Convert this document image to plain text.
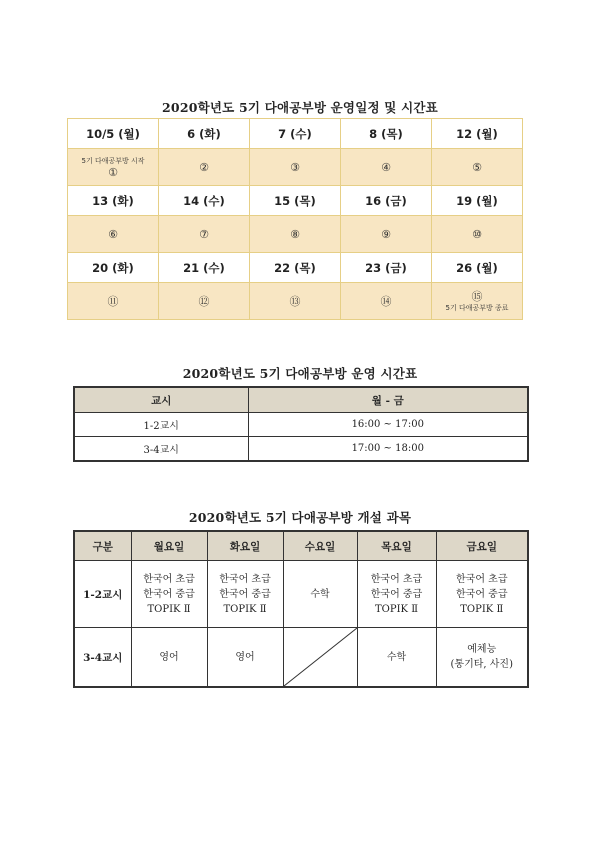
2020학년도 5기 다애공부방 운영일정 및 시간표
10/5 (월)	6 (화)	7 (수)	8 (목)	12 (월)

5기 다애공부방 시작
①	②	③	④	⑤

13 (화)	14 (수)	15 (목)	16 (금)	19 (월)

⑥	⑦	⑧	⑨	⑩

20 (화)	21 (수)	22 (목)	23 (금)	26 (월)

⑪	⑫	⑬	⑭	⑮
5기 다애공부방 종료
2020학년도 5기 다애공부방 운영 시간표
교시	월 - 금
1-2교시	16:00 ~ 17:00
3-4교시	17:00 ~ 18:00
2020학년도 5기 다애공부방 개설 과목
구분	월요일	화요일	수요일	목요일	금요일
1-2교시	한국어 초급
한국어 중급
TOPIK Ⅱ	한국어 초급
한국어 중급
TOPIK Ⅱ	수학	한국어 초급
한국어 중급
TOPIK Ⅱ	한국어 초급
한국어 중급
TOPIK Ⅱ

3-4교시	영어	영어		수학	예체능
(통기타, 사진)
